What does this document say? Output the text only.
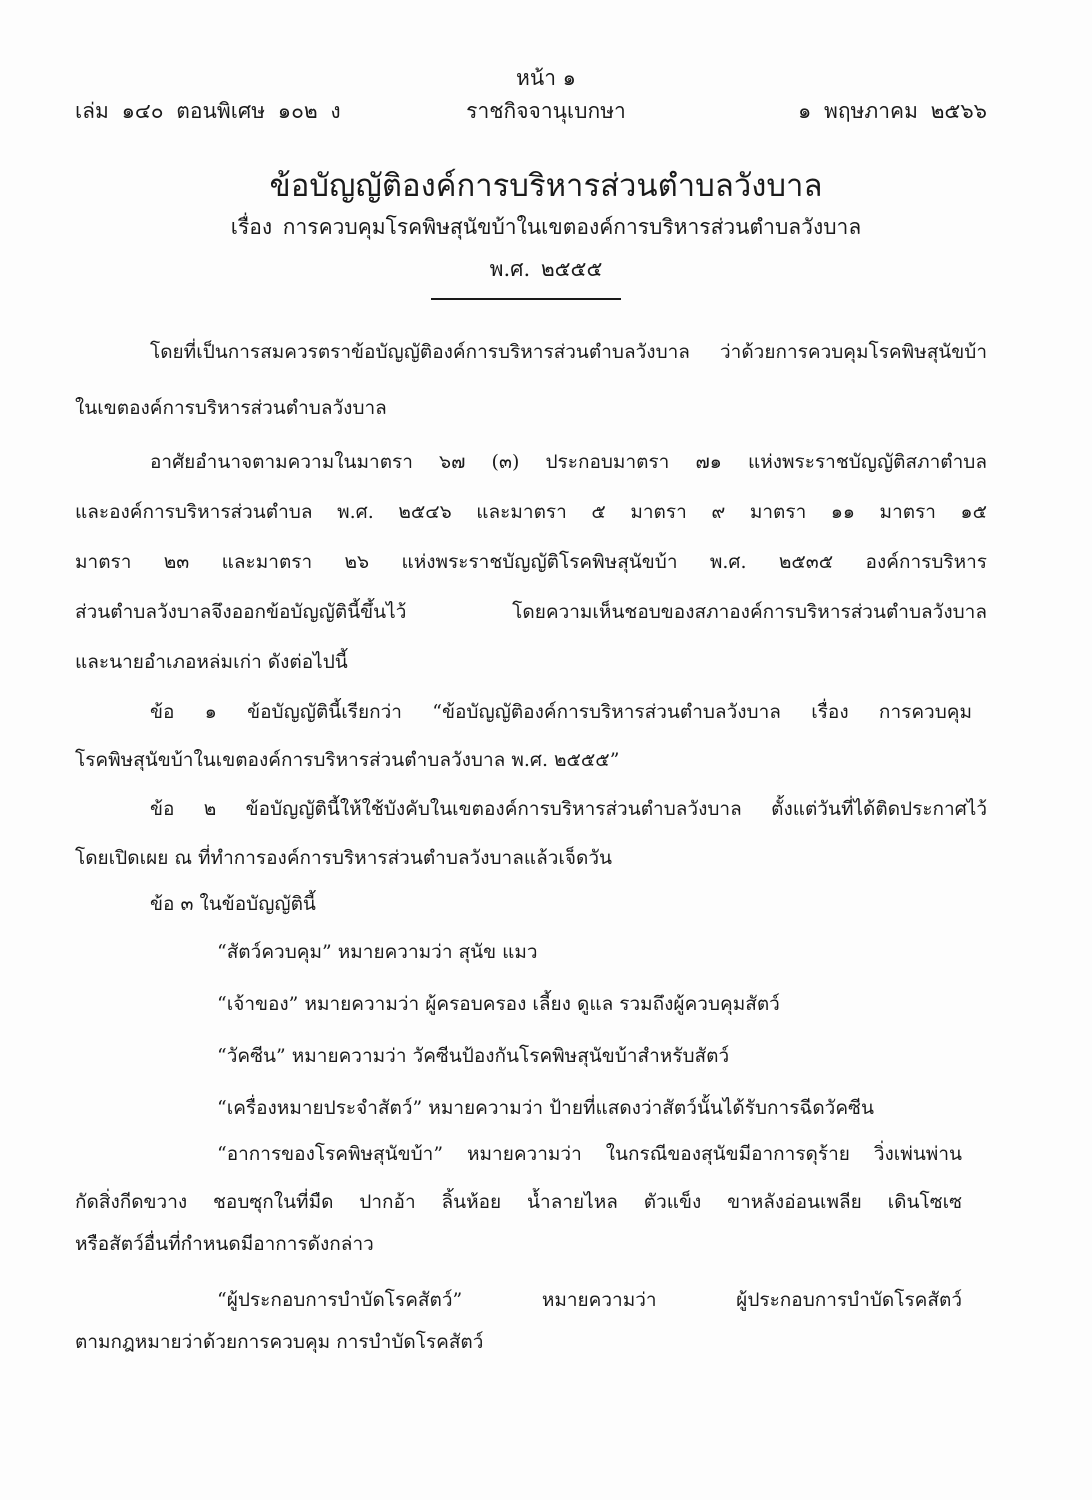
หน้า ๑
เล่ม ๑๔๐ ตอนพิเศษ ๑๐๒ ง	ราชกิจจานุเบกษา	๑ พฤษภาคม ๒๕๖๖
ข้อบัญญัติองค์การบริหารส่วนตำบลวังบาล
เรื่อง การควบคุมโรคพิษสุนัขบ้าในเขตองค์การบริหารส่วนตำบลวังบาล
พ.ศ. ๒๕๕๕
โดยที่เป็นการสมควรตราข้อบัญญัติองค์การบริหารส่วนตำบลวังบาล ว่าด้วยการควบคุมโรคพิษสุนัขบ้า
ในเขตองค์การบริหารส่วนตำบลวังบาล
อาศัยอำนาจตามความในมาตรา ๖๗ (๓) ประกอบมาตรา ๗๑ แห่งพระราชบัญญัติสภาตำบล
และองค์การบริหารส่วนตำบล พ.ศ. ๒๕๔๖ และมาตรา ๕ มาตรา ๙ มาตรา ๑๑ มาตรา ๑๕
มาตรา ๒๓ และมาตรา ๒๖ แห่งพระราชบัญญัติโรคพิษสุนัขบ้า พ.ศ. ๒๕๓๕ องค์การบริหาร
ส่วนตำบลวังบาลจึงออกข้อบัญญัตินี้ขึ้นไว้ โดยความเห็นชอบของสภาองค์การบริหารส่วนตำบลวังบาล
และนายอำเภอหล่มเก่า ดังต่อไปนี้
ข้อ ๑ ข้อบัญญัตินี้เรียกว่า “ข้อบัญญัติองค์การบริหารส่วนตำบลวังบาล เรื่อง การควบคุม
โรคพิษสุนัขบ้าในเขตองค์การบริหารส่วนตำบลวังบาล พ.ศ. ๒๕๕๕”
ข้อ ๒ ข้อบัญญัตินี้ให้ใช้บังคับในเขตองค์การบริหารส่วนตำบลวังบาล ตั้งแต่วันที่ได้ติดประกาศไว้
โดยเปิดเผย ณ ที่ทำการองค์การบริหารส่วนตำบลวังบาลแล้วเจ็ดวัน
ข้อ ๓ ในข้อบัญญัตินี้
“สัตว์ควบคุม” หมายความว่า สุนัข แมว
“เจ้าของ” หมายความว่า ผู้ครอบครอง เลี้ยง ดูแล รวมถึงผู้ควบคุมสัตว์
“วัคซีน” หมายความว่า วัคซีนป้องกันโรคพิษสุนัขบ้าสำหรับสัตว์
“เครื่องหมายประจำสัตว์” หมายความว่า ป้ายที่แสดงว่าสัตว์นั้นได้รับการฉีดวัคซีน
“อาการของโรคพิษสุนัขบ้า” หมายความว่า ในกรณีของสุนัขมีอาการดุร้าย วิ่งเพ่นพ่าน
กัดสิ่งกีดขวาง ชอบซุกในที่มืด ปากอ้า ลิ้นห้อย น้ำลายไหล ตัวแข็ง ขาหลังอ่อนเพลีย เดินโซเซ
หรือสัตว์อื่นที่กำหนดมีอาการดังกล่าว
“ผู้ประกอบการบำบัดโรคสัตว์” หมายความว่า ผู้ประกอบการบำบัดโรคสัตว์
ตามกฎหมายว่าด้วยการควบคุม การบำบัดโรคสัตว์
